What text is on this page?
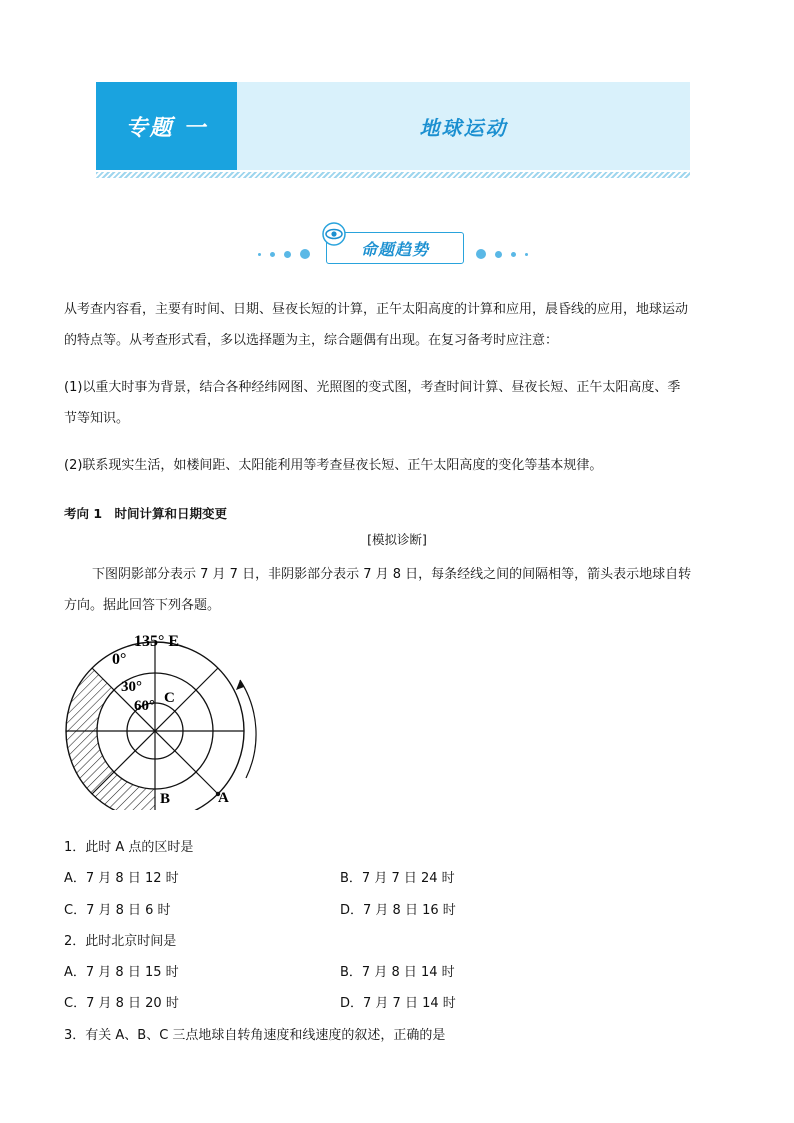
专题 一	地球运动
命题趋势
从考查内容看，主要有时间、日期、昼夜长短的计算，正午太阳高度的计算和应用，晨昏线的应用，地球运动
的特点等。从考查形式看，多以选择题为主，综合题偶有出现。在复习备考时应注意：
(1)以重大时事为背景，结合各种经纬网图、光照图的变式图，考查时间计算、昼夜长短、正午太阳高度、季
节等知识。
(2)联系现实生活，如楼间距、太阳能利用等考查昼夜长短、正午太阳高度的变化等基本规律。
考向 1　时间计算和日期变更
[模拟诊断]
下图阴影部分表示 7 月 7 日，非阴影部分表示 7 月 8 日，每条经线之间的间隔相等，箭头表示地球自转
方向。据此回答下列各题。
135° E
0°
30°
60° C
B	A
1．此时 A 点的区时是
A．7 月 8 日 12 时	B．7 月 7 日 24 时
C．7 月 8 日 6 时	D．7 月 8 日 16 时
2．此时北京时间是
A．7 月 8 日 15 时	B．7 月 8 日 14 时
C．7 月 8 日 20 时	D．7 月 7 日 14 时
3．有关 A、B、C 三点地球自转角速度和线速度的叙述，正确的是
